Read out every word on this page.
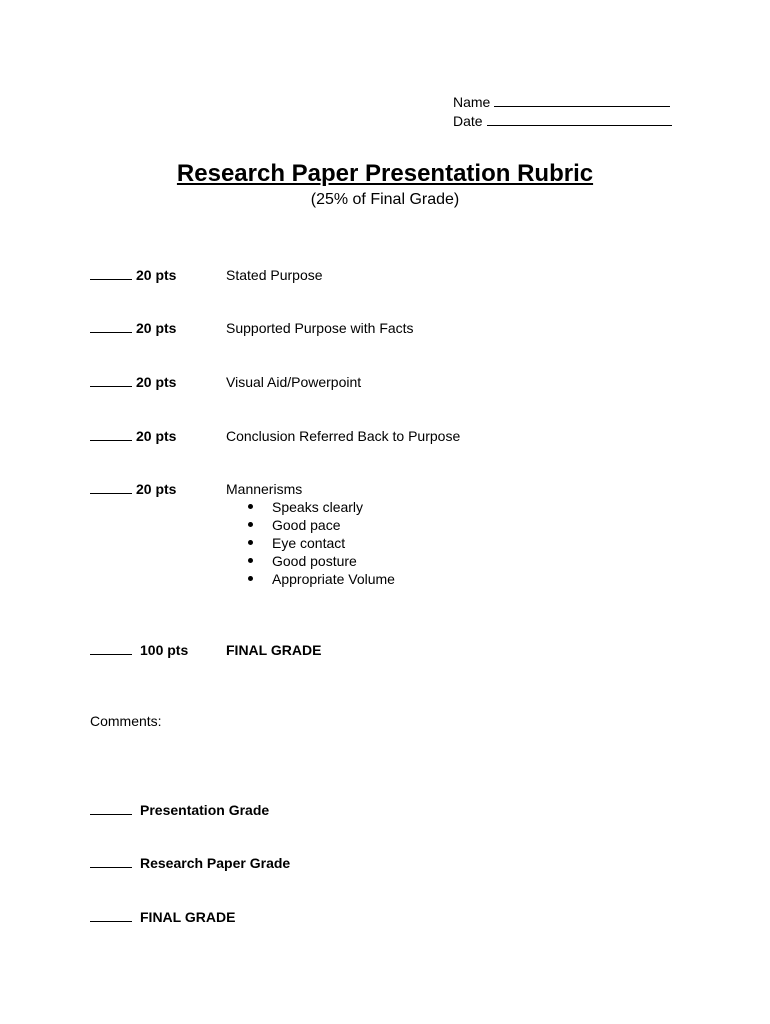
Name
Date
Research Paper Presentation Rubric
(25% of Final Grade)
20 pts	Stated Purpose
20 pts	Supported Purpose with Facts
20 pts	Visual Aid/Powerpoint
20 pts	Conclusion Referred Back to Purpose
20 pts	Mannerisms
Speaks clearly
Good pace
Eye contact
Good posture
Appropriate Volume
100 pts	FINAL GRADE
Comments:
Presentation Grade
Research Paper Grade
FINAL GRADE
